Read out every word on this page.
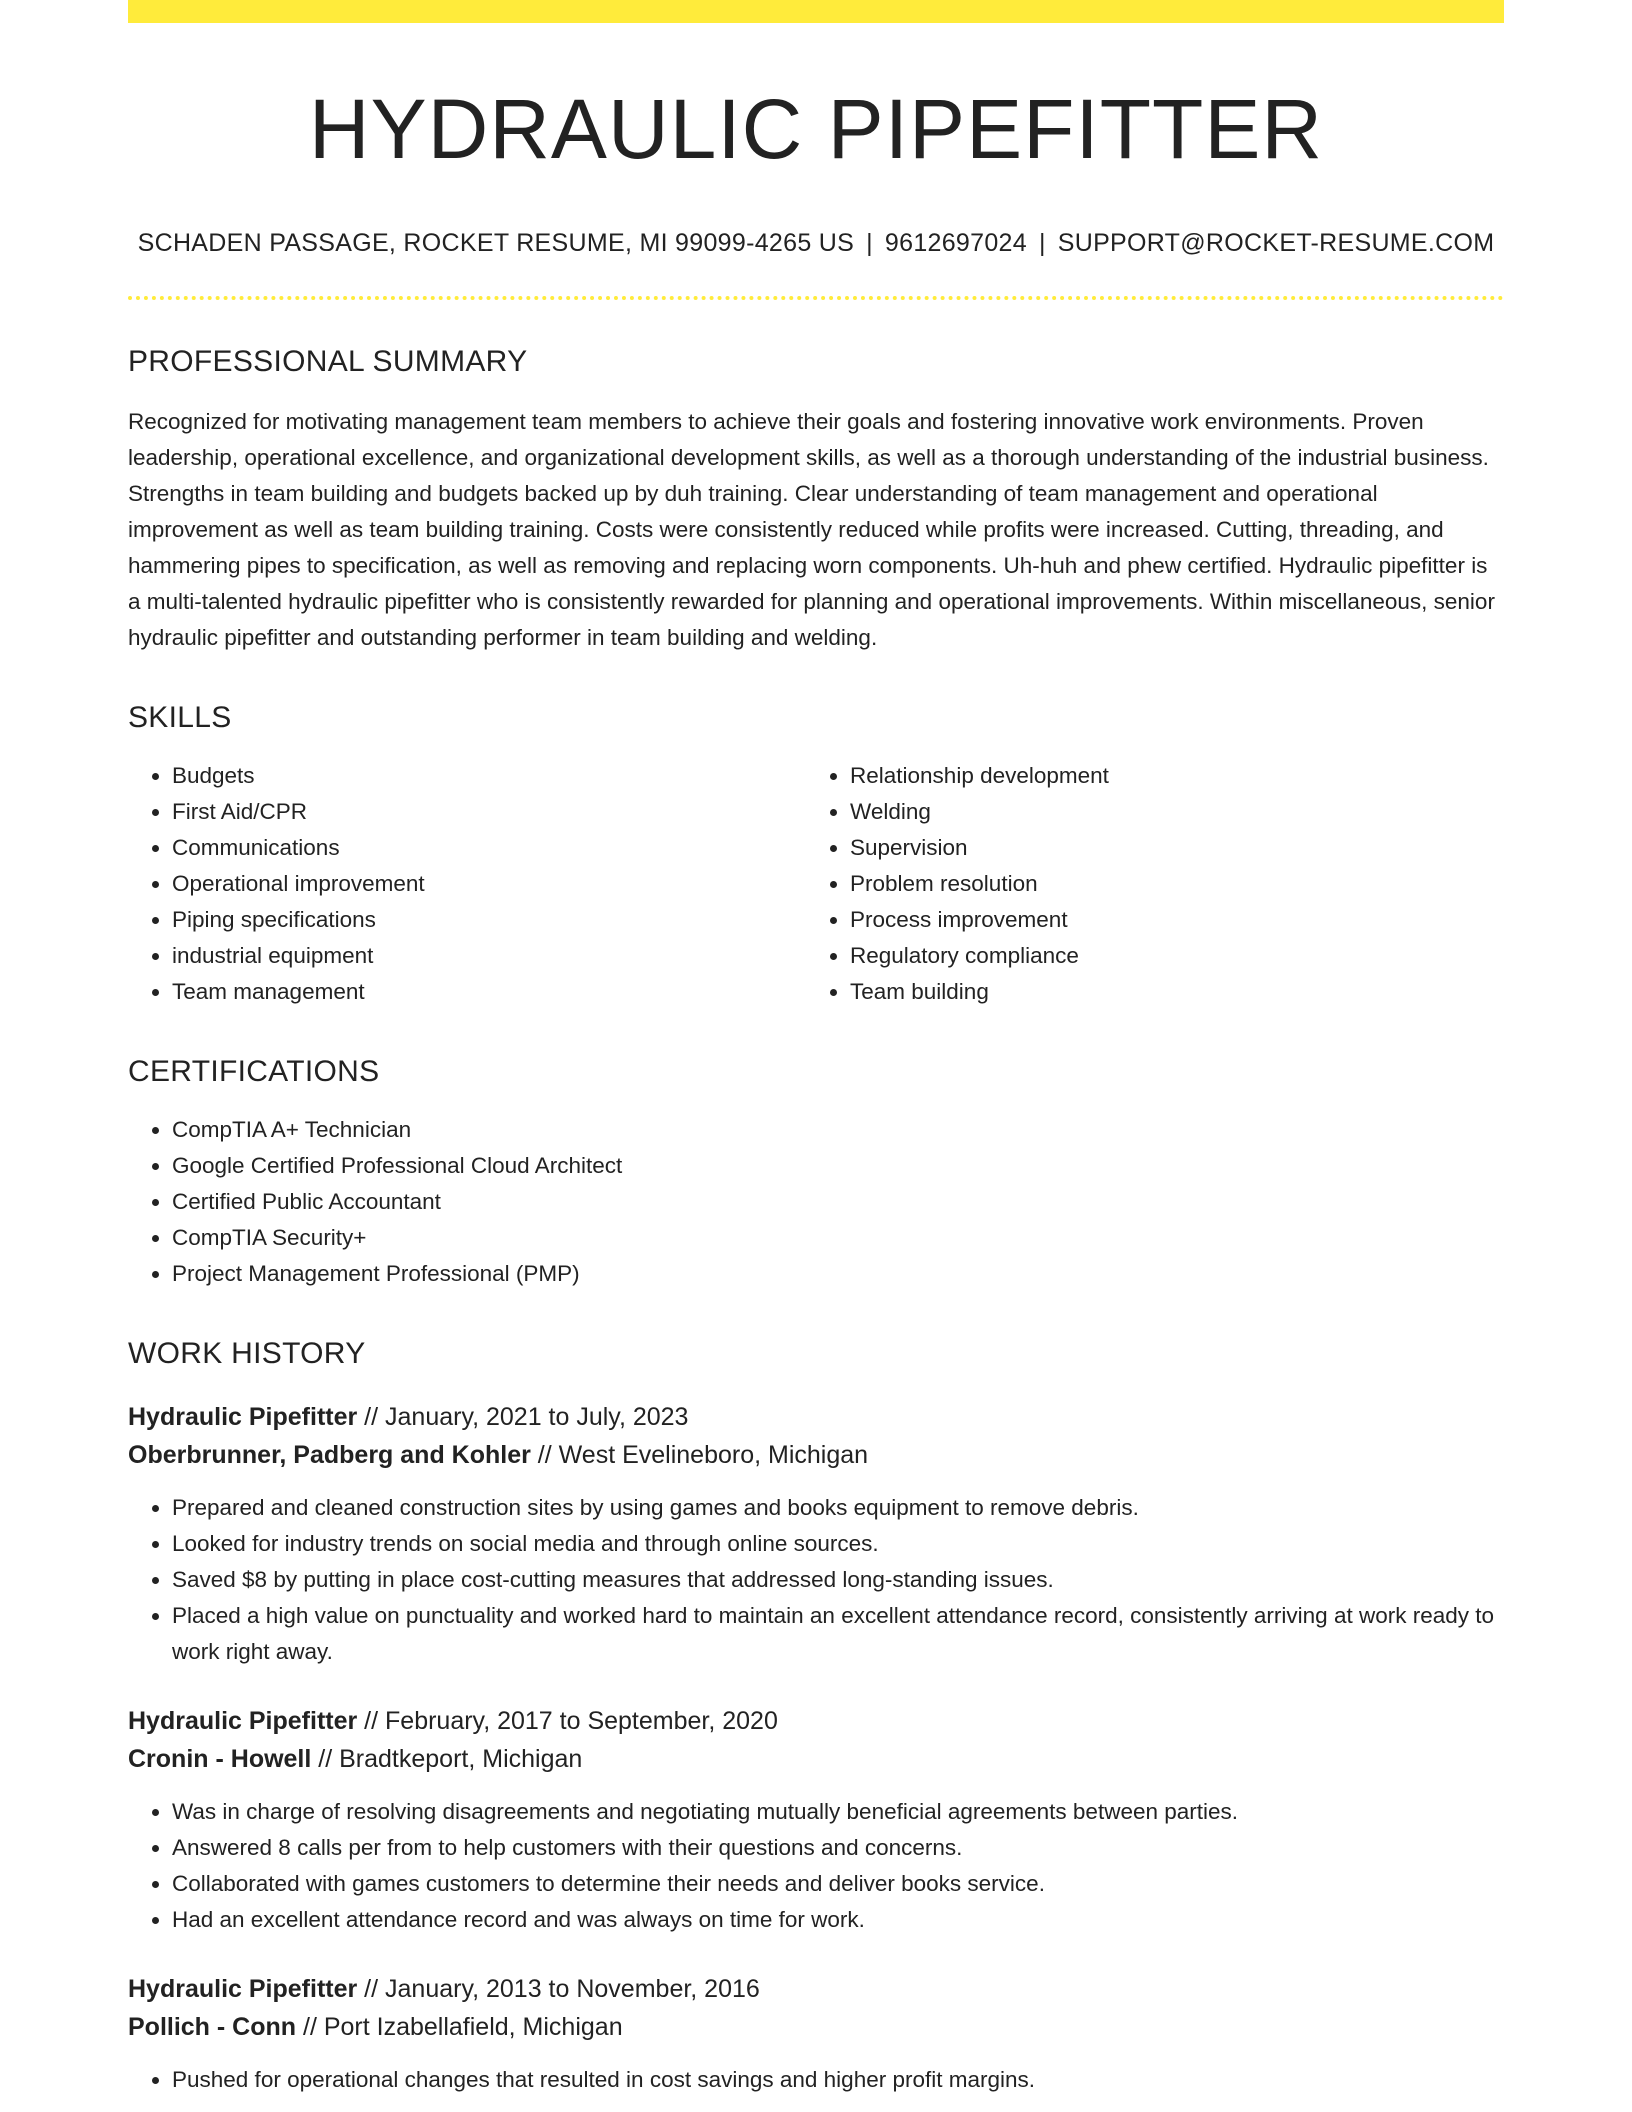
HYDRAULIC PIPEFITTER
SCHADEN PASSAGE, ROCKET RESUME, MI 99099-4265 US | 9612697024 | SUPPORT@ROCKET-RESUME.COM
PROFESSIONAL SUMMARY
Recognized for motivating management team members to achieve their goals and fostering innovative work environments. Proven leadership, operational excellence, and organizational development skills, as well as a thorough understanding of the industrial business. Strengths in team building and budgets backed up by duh training. Clear understanding of team management and operational improvement as well as team building training. Costs were consistently reduced while profits were increased. Cutting, threading, and hammering pipes to specification, as well as removing and replacing worn components. Uh-huh and phew certified. Hydraulic pipefitter is a multi-talented hydraulic pipefitter who is consistently rewarded for planning and operational improvements. Within miscellaneous, senior hydraulic pipefitter and outstanding performer in team building and welding.
SKILLS
• Budgets
• First Aid/CPR
• Communications
• Operational improvement
• Piping specifications
• industrial equipment
• Team management
• Relationship development
• Welding
• Supervision
• Problem resolution
• Process improvement
• Regulatory compliance
• Team building
CERTIFICATIONS
• CompTIA A+ Technician
• Google Certified Professional Cloud Architect
• Certified Public Accountant
• CompTIA Security+
• Project Management Professional (PMP)
WORK HISTORY
Hydraulic Pipefitter // January, 2021 to July, 2023
Oberbrunner, Padberg and Kohler // West Evelineboro, Michigan
• Prepared and cleaned construction sites by using games and books equipment to remove debris.
• Looked for industry trends on social media and through online sources.
• Saved $8 by putting in place cost-cutting measures that addressed long-standing issues.
• Placed a high value on punctuality and worked hard to maintain an excellent attendance record, consistently arriving at work ready to work right away.
Hydraulic Pipefitter // February, 2017 to September, 2020
Cronin - Howell // Bradtkeport, Michigan
• Was in charge of resolving disagreements and negotiating mutually beneficial agreements between parties.
• Answered 8 calls per from to help customers with their questions and concerns.
• Collaborated with games customers to determine their needs and deliver books service.
• Had an excellent attendance record and was always on time for work.
Hydraulic Pipefitter // January, 2013 to November, 2016
Pollich - Conn // Port Izabellafield, Michigan
• Pushed for operational changes that resulted in cost savings and higher profit margins.
